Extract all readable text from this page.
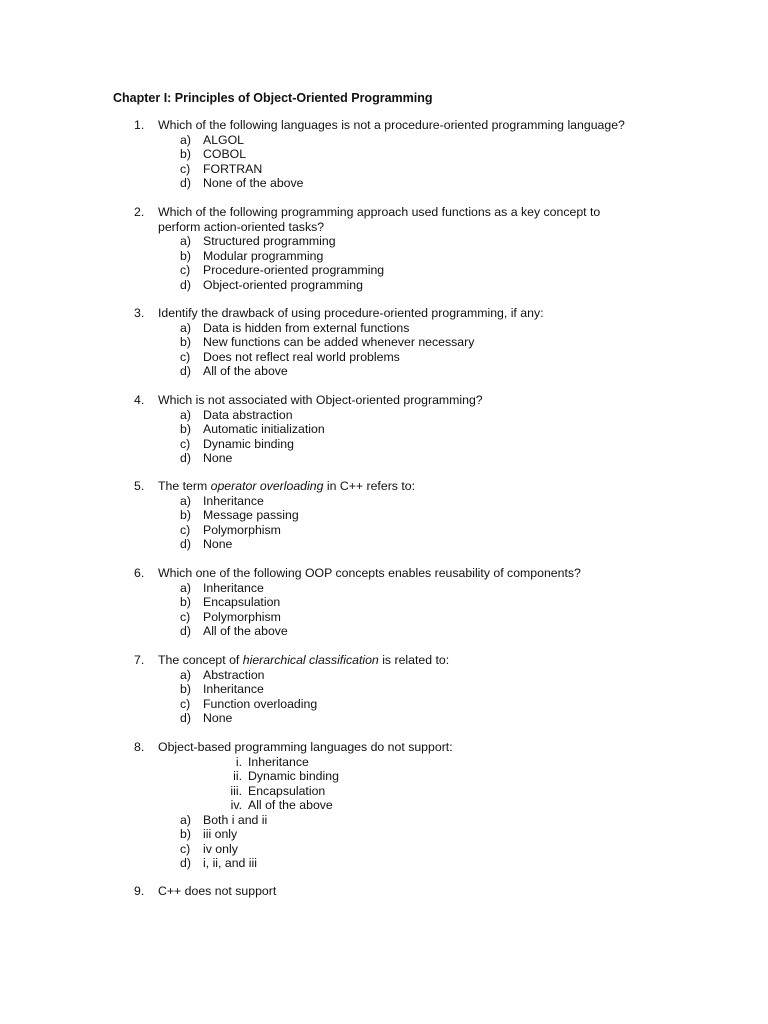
Chapter I: Principles of Object-Oriented Programming
1.	Which of the following languages is not a procedure-oriented programming language?
a) ALGOL
b) COBOL
c) FORTRAN
d) None of the above
2.	Which of the following programming approach used functions as a key concept to
perform action-oriented tasks?
a) Structured programming
b) Modular programming
c) Procedure-oriented programming
d) Object-oriented programming
3.	Identify the drawback of using procedure-oriented programming, if any:
a) Data is hidden from external functions
b) New functions can be added whenever necessary
c) Does not reflect real world problems
d) All of the above
4.	Which is not associated with Object-oriented programming?
a) Data abstraction
b) Automatic initialization
c) Dynamic binding
d) None
5.	The term operator overloading in C++ refers to:
a) Inheritance
b) Message passing
c) Polymorphism
d) None
6.	Which one of the following OOP concepts enables reusability of components?
a) Inheritance
b) Encapsulation
c) Polymorphism
d) All of the above
7.	The concept of hierarchical classification is related to:
a) Abstraction
b) Inheritance
c) Function overloading
d) None
8.	Object-based programming languages do not support:
i. Inheritance
ii. Dynamic binding
iii. Encapsulation
iv. All of the above
a) Both i and ii
b) iii only
c) iv only
d) i, ii, and iii
9.	C++ does not support
